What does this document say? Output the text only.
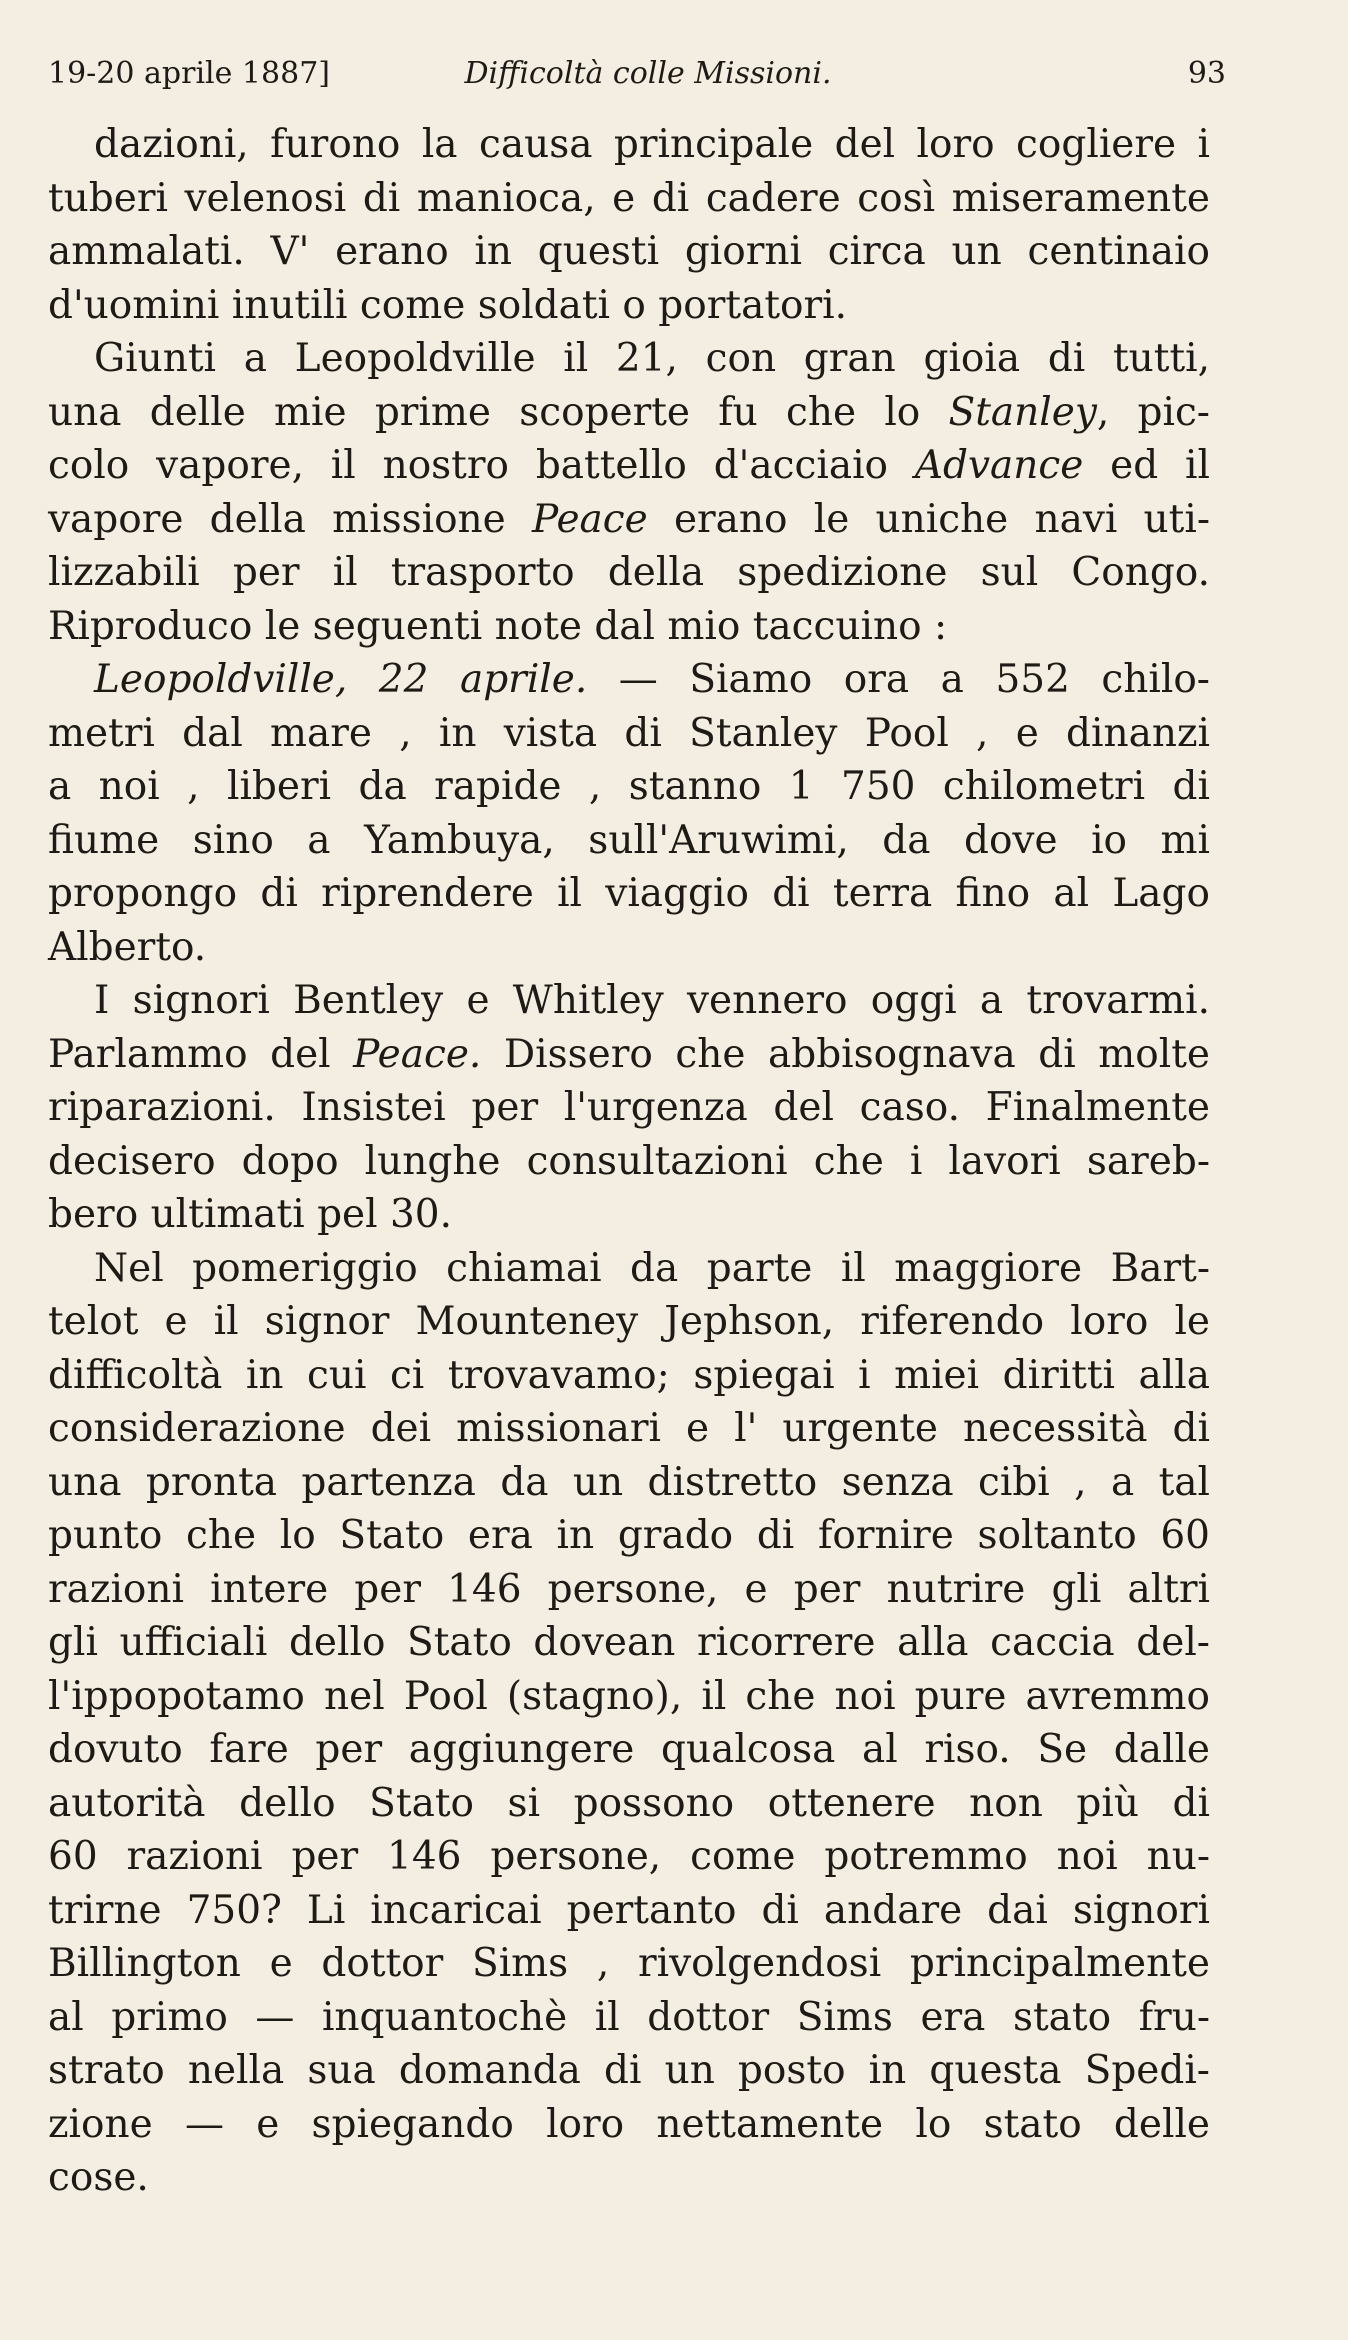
19-20 aprile 1887]	Difficoltà colle Missioni.	93
dazioni, furono la causa principale del loro cogliere i
tuberi velenosi di manioca, e di cadere così miseramente
ammalati. V' erano in questi giorni circa un centinaio
d'uomini inutili come soldati o portatori.
Giunti a Leopoldville il 21, con gran gioia di tutti,
una delle mie prime scoperte fu che lo Stanley, pic-
colo vapore, il nostro battello d'acciaio Advance ed il
vapore della missione Peace erano le uniche navi uti-
lizzabili per il trasporto della spedizione sul Congo.
Riproduco le seguenti note dal mio taccuino :
Leopoldville, 22 aprile. — Siamo ora a 552 chilo-
metri dal mare , in vista di Stanley Pool , e dinanzi
a noi , liberi da rapide , stanno 1 750 chilometri di
fiume sino a Yambuya, sull'Aruwimi, da dove io mi
propongo di riprendere il viaggio di terra fino al Lago
Alberto.
I signori Bentley e Whitley vennero oggi a trovarmi.
Parlammo del Peace. Dissero che abbisognava di molte
riparazioni. Insistei per l'urgenza del caso. Finalmente
decisero dopo lunghe consultazioni che i lavori sareb-
bero ultimati pel 30.
Nel pomeriggio chiamai da parte il maggiore Bart-
telot e il signor Mounteney Jephson, riferendo loro le
difficoltà in cui ci trovavamo; spiegai i miei diritti alla
considerazione dei missionari e l' urgente necessità di
una pronta partenza da un distretto senza cibi , a tal
punto che lo Stato era in grado di fornire soltanto 60
razioni intere per 146 persone, e per nutrire gli altri
gli ufficiali dello Stato dovean ricorrere alla caccia del-
l'ippopotamo nel Pool (stagno), il che noi pure avremmo
dovuto fare per aggiungere qualcosa al riso. Se dalle
autorità dello Stato si possono ottenere non più di
60 razioni per 146 persone, come potremmo noi nu-
trirne 750? Li incaricai pertanto di andare dai signori
Billington e dottor Sims , rivolgendosi principalmente
al primo — inquantochè il dottor Sims era stato fru-
strato nella sua domanda di un posto in questa Spedi-
zione — e spiegando loro nettamente lo stato delle
cose.
